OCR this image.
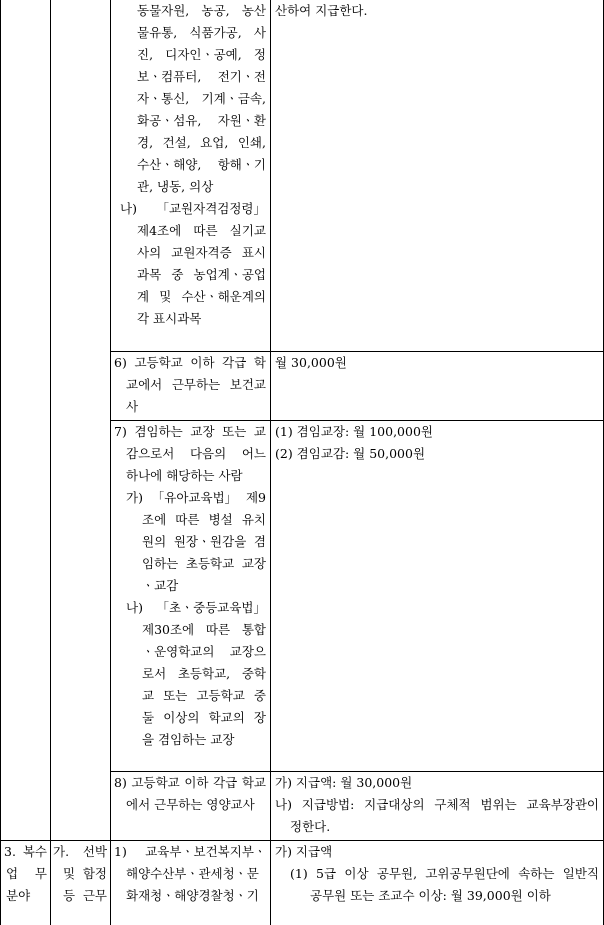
동물자원, 농공, 농산
물유통, 식품가공, 사
진, 디자인ㆍ공예, 정
보ㆍ컴퓨터, 전기ㆍ전
자ㆍ통신, 기계ㆍ금속,
화공ㆍ섬유, 자원ㆍ환
경, 건설, 요업, 인쇄,
수산ㆍ해양, 항해ㆍ기
관, 냉동, 의상
나) 「교원자격검정령」
제4조에 따른 실기교
사의 교원자격증 표시
과목 중 농업계ㆍ공업
계 및 수산ㆍ해운계의
각 표시과목
산하여 지급한다.
6) 고등학교 이하 각급 학
교에서 근무하는 보건교
사
월 30,000원
7) 겸임하는 교장 또는 교
감으로서 다음의 어느
하나에 해당하는 사람
가) 「유아교육법」 제9
조에 따른 병설 유치
원의 원장ㆍ원감을 겸
임하는 초등학교 교장
ㆍ교감
나) 「초ㆍ중등교육법」
제30조에 따른 통합
ㆍ운영학교의 교장으
로서 초등학교, 중학
교 또는 고등학교 중
둘 이상의 학교의 장
을 겸임하는 교장
(1) 겸임교장: 월 100,000원
(2) 겸임교감: 월 50,000원
8) 고등학교 이하 각급 학교
에서 근무하는 영양교사
가) 지급액: 월 30,000원
나) 지급방법: 지급대상의 구체적 범위는 교육부장관이
정한다.
3. 복수
업 무
분야
가. 선박
및 함정
등 근무
1) 교육부ㆍ보건복지부ㆍ
해양수산부ㆍ관세청ㆍ문
화재청ㆍ해양경찰청ㆍ기
가) 지급액
(1) 5급 이상 공무원, 고위공무원단에 속하는 일반직
공무원 또는 조교수 이상: 월 39,000원 이하
